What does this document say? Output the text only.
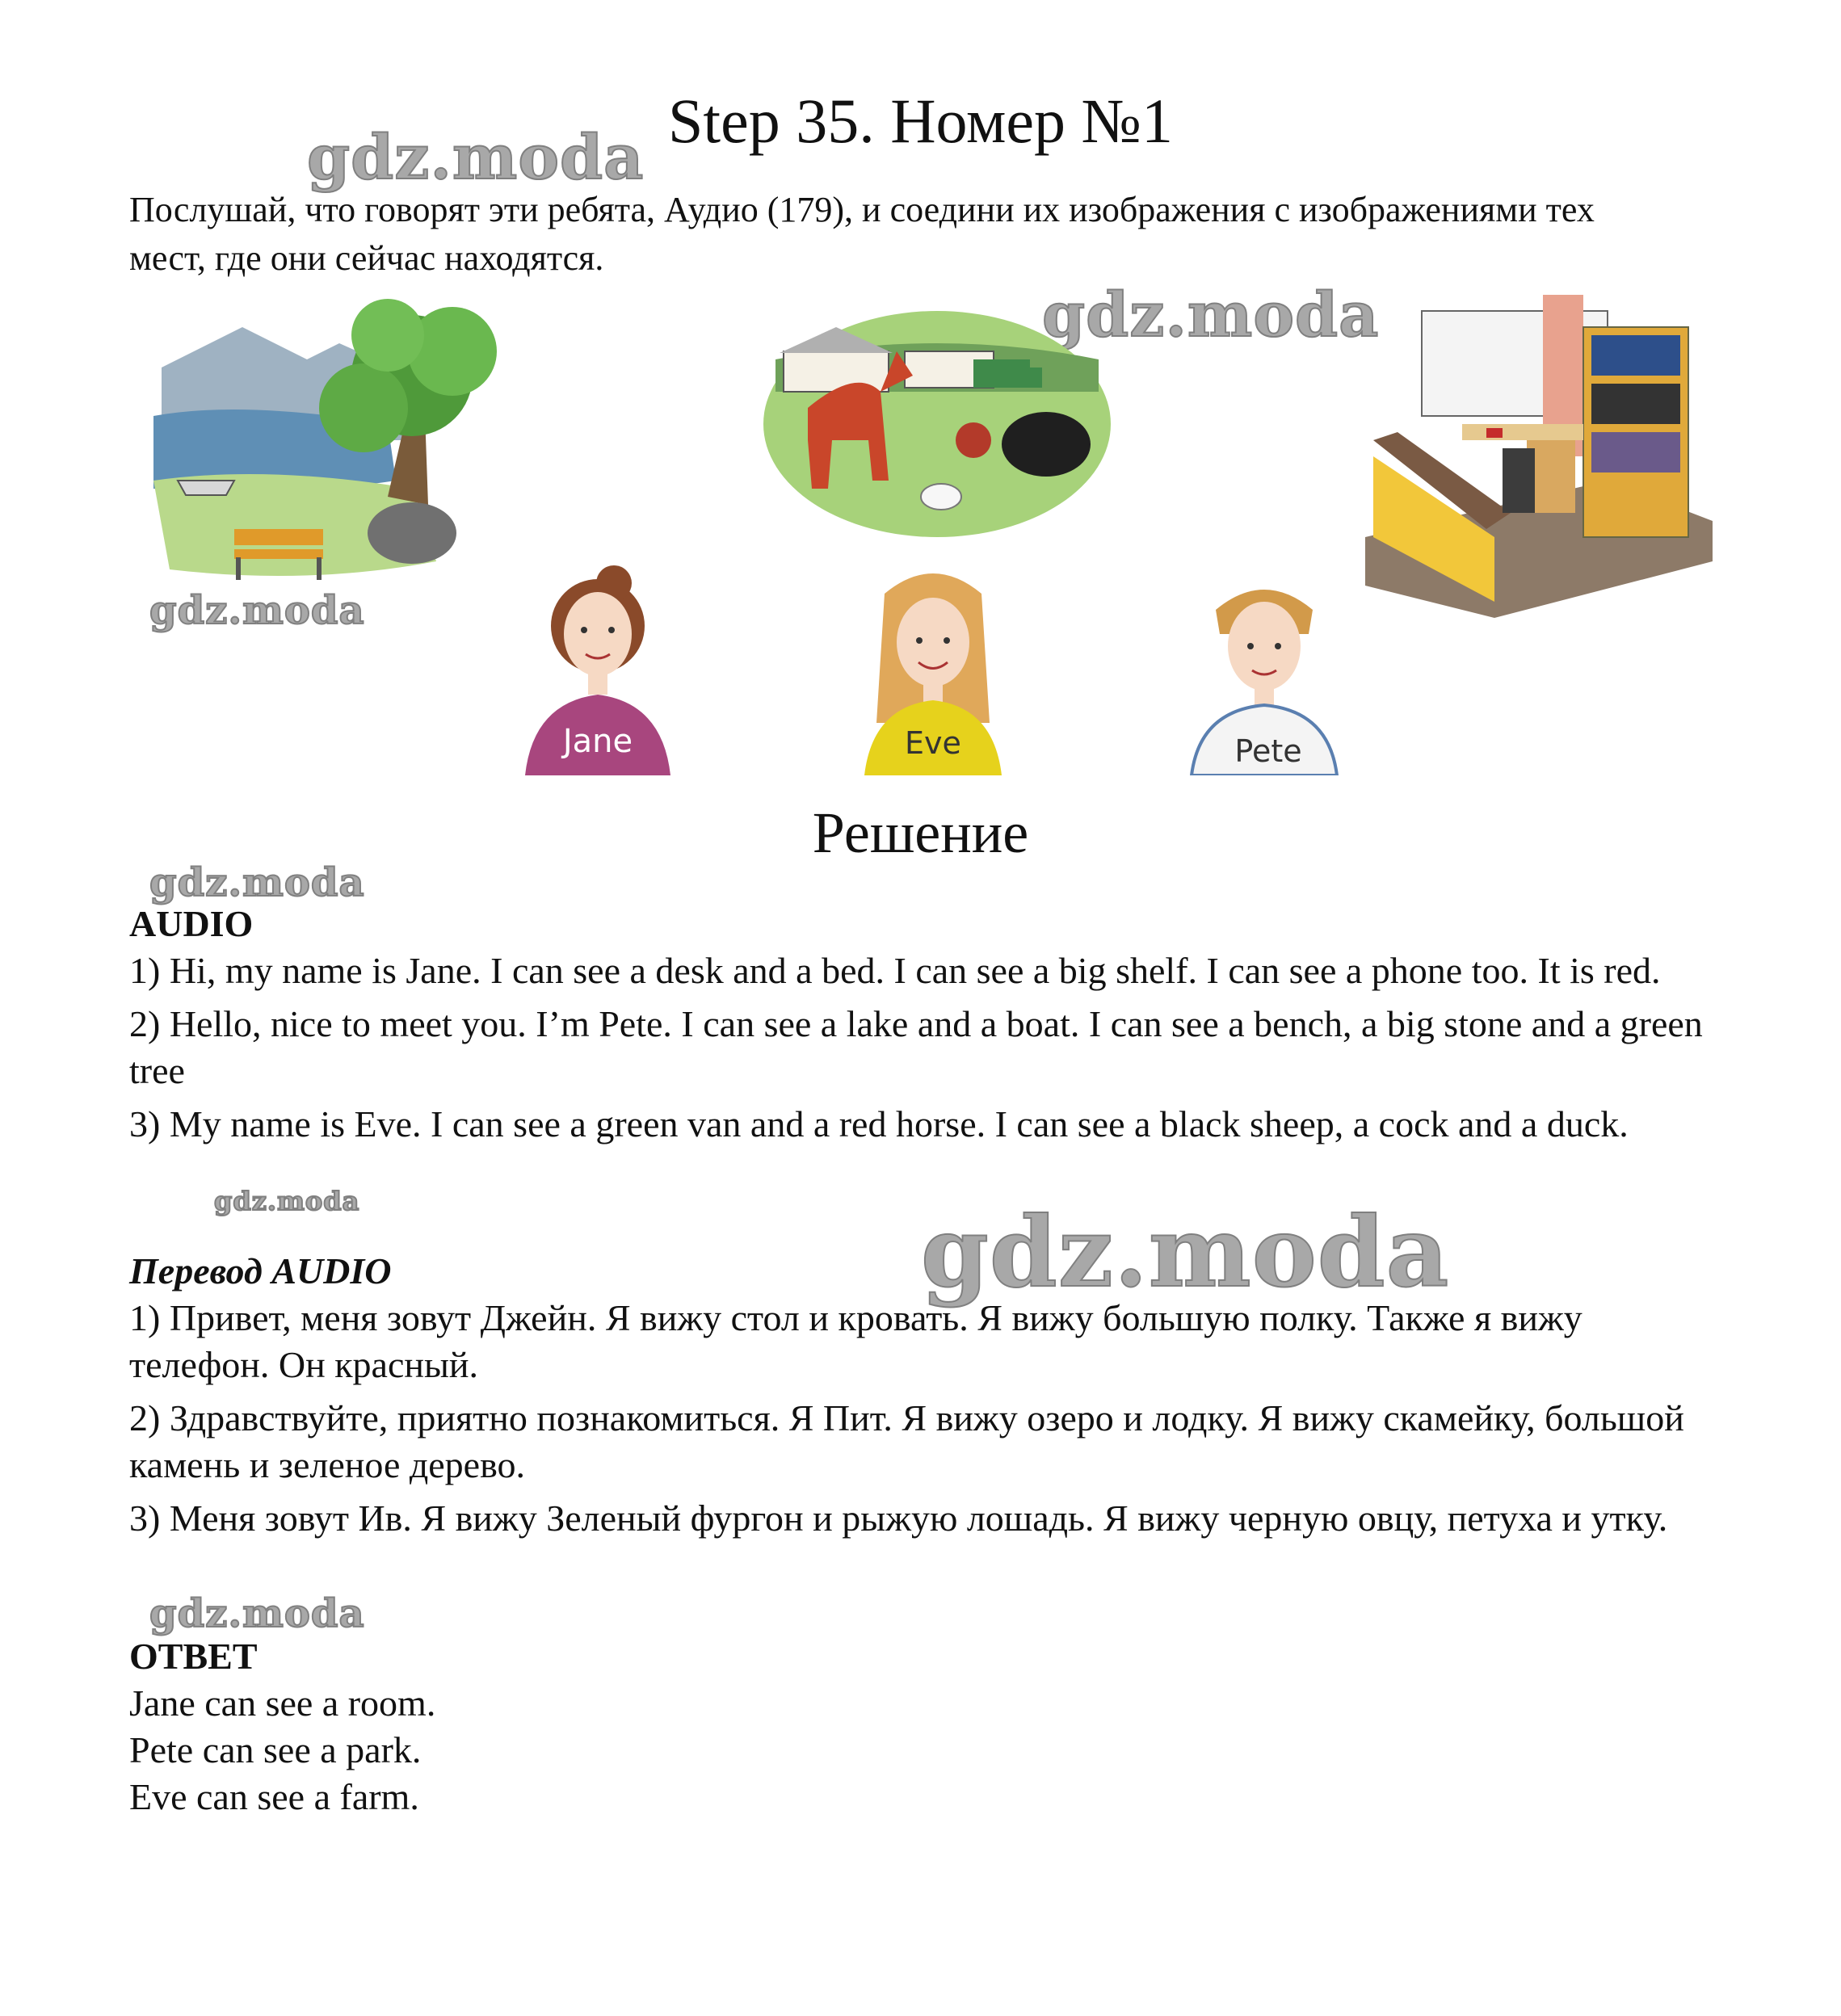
Step 35. Номер №1
gdz.moda
gdz.moda
gdz.moda
gdz.moda
gdz.moda	gdz.moda
gdz.moda
Послушай, что говорят эти ребята, Аудио (179), и соедини их изображения с изображениями тех мест, где они сейчас находятся.
Jane	Eve	Pete
Решение
AUDIO
1) Hi, my name is Jane. I can see a desk and a bed. I can see a big shelf. I can see a phone too. It is red.
2) Hello, nice to meet you. I’m Pete. I can see a lake and a boat. I can see a bench, a big stone and a green tree
3) My name is Eve. I can see a green van and a red horse. I can see a black sheep, a cock and a duck.
Перевод AUDIO
1) Привет, меня зовут Джейн. Я вижу стол и кровать. Я вижу большую полку. Также я вижу телефон. Он красный.
2) Здравствуйте, приятно познакомиться. Я Пит. Я вижу озеро и лодку. Я вижу скамейку, большой камень и зеленое дерево.
3) Меня зовут Ив. Я вижу Зеленый фургон и рыжую лошадь. Я вижу черную овцу, петуха и утку.
ОТВЕТ
Jane can see a room.
Pete can see a park.
Eve can see a farm.
